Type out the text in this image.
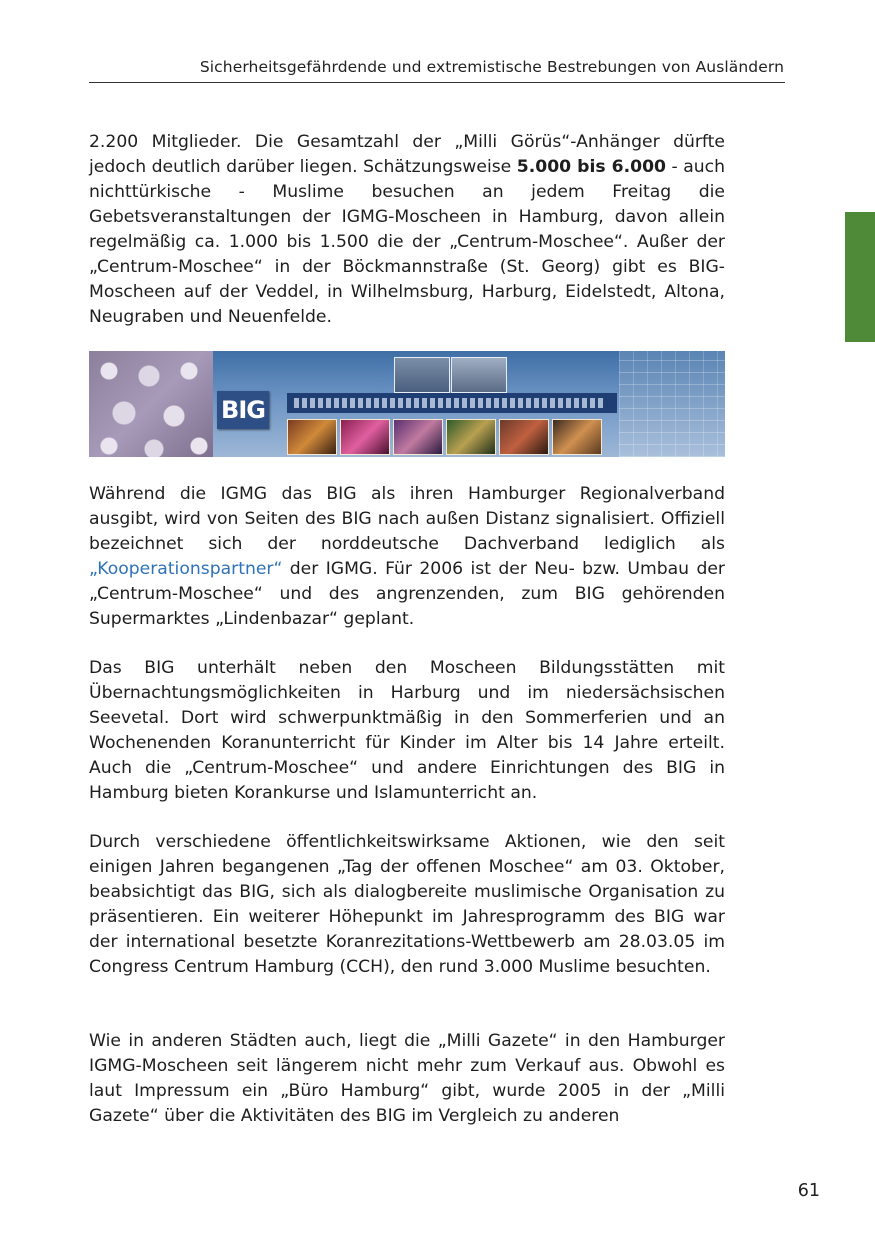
Sicherheitsgefährdende und extremistische Bestrebungen von Ausländern

2.200 Mitglieder. Die Gesamtzahl der „Milli Görüs“-Anhänger dürfte jedoch deutlich darüber liegen. Schätzungsweise 5.000 bis 6.000 - auch nichttürkische - Muslime besuchen an jedem Freitag die Gebetsveranstaltungen der IGMG-Moscheen in Hamburg, davon allein regelmäßig ca. 1.000 bis 1.500 die der „Centrum-Moschee“. Außer der „Centrum-Moschee“ in der Böckmannstraße (St. Georg) gibt es BIG-Moscheen auf der Veddel, in Wilhelmsburg, Harburg, Eidelstedt, Altona, Neugraben und Neuenfelde.

BIG

Während die IGMG das BIG als ihren Hamburger Regionalverband ausgibt, wird von Seiten des BIG nach außen Distanz signalisiert. Offiziell bezeichnet sich der norddeutsche Dachverband lediglich als „Kooperationspartner“ der IGMG. Für 2006 ist der Neu- bzw. Umbau der „Centrum-Moschee“ und des angrenzenden, zum BIG gehörenden Supermarktes „Lindenbazar“ geplant.

Das BIG unterhält neben den Moscheen Bildungsstätten mit Übernachtungsmöglichkeiten in Harburg und im niedersächsischen Seevetal. Dort wird schwerpunktmäßig in den Sommerferien und an Wochenenden Koranunterricht für Kinder im Alter bis 14 Jahre erteilt. Auch die „Centrum-Moschee“ und andere Einrichtungen des BIG in Hamburg bieten Korankurse und Islamunterricht an.

Durch verschiedene öffentlichkeitswirksame Aktionen, wie den seit einigen Jahren begangenen „Tag der offenen Moschee“ am 03. Oktober, beabsichtigt das BIG, sich als dialogbereite muslimische Organisation zu präsentieren. Ein weiterer Höhepunkt im Jahresprogramm des BIG war der international besetzte Koranrezitations-Wettbewerb am 28.03.05 im Congress Centrum Hamburg (CCH), den rund 3.000 Muslime besuchten.

Wie in anderen Städten auch, liegt die „Milli Gazete“ in den Hamburger IGMG-Moscheen seit längerem nicht mehr zum Verkauf aus. Obwohl es laut Impressum ein „Büro Hamburg“ gibt, wurde 2005 in der „Milli Gazete“ über die Aktivitäten des BIG im Vergleich zu anderen

61
